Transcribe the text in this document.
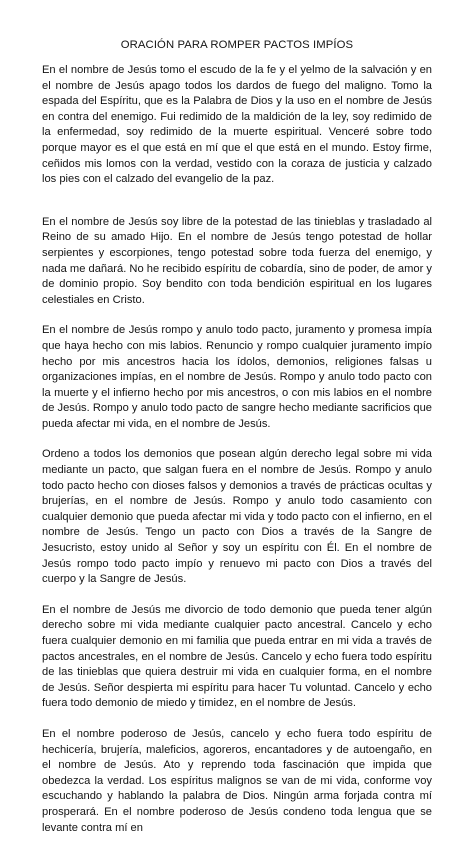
ORACIÓN PARA ROMPER PACTOS IMPÍOS

En el nombre de Jesús tomo el escudo de la fe y el yelmo de la salvación y en el nombre de Jesús apago todos los dardos de fuego del maligno. Tomo la espada del Espíritu, que es la Palabra de Dios y la uso en el nombre de Jesús en contra del enemigo. Fui redimido de la maldición de la ley, soy redimido de la enfermedad, soy redimido de la muerte espiritual. Venceré sobre todo porque mayor es el que está en mí que el que está en el mundo. Estoy firme, ceñidos mis lomos con la verdad, vestido con la coraza de justicia y calzado los pies con el calzado del evangelio de la paz.

En el nombre de Jesús soy libre de la potestad de las tinieblas y trasladado al Reino de su amado Hijo. En el nombre de Jesús tengo potestad de hollar serpientes y escorpiones, tengo potestad sobre toda fuerza del enemigo, y nada me dañará. No he recibido espíritu de cobardía, sino de poder, de amor y de dominio propio. Soy bendito con toda bendición espiritual en los lugares celestiales en Cristo.

En el nombre de Jesús rompo y anulo todo pacto, juramento y promesa impía que haya hecho con mis labios. Renuncio y rompo cualquier juramento impío hecho por mis ancestros hacia los ídolos, demonios, religiones falsas u organizaciones impías, en el nombre de Jesús. Rompo y anulo todo pacto con la muerte y el infierno hecho por mis ancestros, o con mis labios en el nombre de Jesús. Rompo y anulo todo pacto de sangre hecho mediante sacrificios que pueda afectar mi vida, en el nombre de Jesús.

Ordeno a todos los demonios que posean algún derecho legal sobre mi vida mediante un pacto, que salgan fuera en el nombre de Jesús. Rompo y anulo todo pacto hecho con dioses falsos y demonios a través de prácticas ocultas y brujerías, en el nombre de Jesús. Rompo y anulo todo casamiento con cualquier demonio que pueda afectar mi vida y todo pacto con el infierno, en el nombre de Jesús. Tengo un pacto con Dios a través de la Sangre de Jesucristo, estoy unido al Señor y soy un espíritu con Él. En el nombre de Jesús rompo todo pacto impío y renuevo mi pacto con Dios a través del cuerpo y la Sangre de Jesús.

En el nombre de Jesús me divorcio de todo demonio que pueda tener algún derecho sobre mi vida mediante cualquier pacto ancestral. Cancelo y echo fuera cualquier demonio en mi familia que pueda entrar en mi vida a través de pactos ancestrales, en el nombre de Jesús. Cancelo y echo fuera todo espíritu de las tinieblas que quiera destruir mi vida en cualquier forma, en el nombre de Jesús. Señor despierta mi espíritu para hacer Tu voluntad. Cancelo y echo fuera todo demonio de miedo y timidez, en el nombre de Jesús.

En el nombre poderoso de Jesús, cancelo y echo fuera todo espíritu de hechicería, brujería, maleficios, agoreros, encantadores y de autoengaño, en el nombre de Jesús. Ato y reprendo toda fascinación que impida que obedezca la verdad. Los espíritus malignos se van de mi vida, conforme voy escuchando y hablando la palabra de Dios. Ningún arma forjada contra mí prosperará. En el nombre poderoso de Jesús condeno toda lengua que se levante contra mí en
